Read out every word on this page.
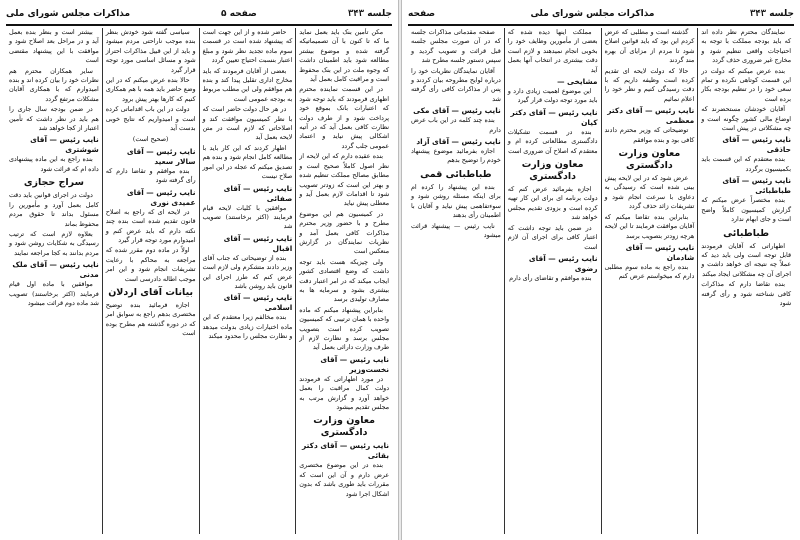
جلسه ۳۴۳
صفحه ۵
مذاکرات مجلس شورای ملی

مکن تأمین بنک باید بعمل نماید ما که تا کنون با آن تصمیماتیکه گرفته شده و موضوع بیشتر مطالعه شود باید اطمینان داشت که وجوه ملت در این بنک محفوظ است و مراقبت کامل بعمل آید

در این قسمت نماینده محترم اظهاری فرمودند که باید توجه شود که اعتبارات بانک بموقع خود پرداخت شود و از طرف دولت نظارت کافی بعمل آید که در آتیه اشکالی پیش نیاید و اعتماد عمومی جلب گردد

بنده عقیده دارم که این لایحه از نظر اصول کاملاً صحیح است و مطابق مصالح مملکت تنظیم شده و بهتر این است که زودتر تصویب شود تا اقدامات لازم بعمل آید و معطلی پیش نیاید

در کمیسیون هم این موضوع مطرح و با حضور وزیر محترم مذاکرات کافی بعمل آمد و نظریات نمایندگان در گزارش منعکس است

ولی چیزیکه هست باید توجه داشت که وضع اقتصادی کشور ایجاب میکند که در امر اعتبار دقت بیشتری بشود و سرمایه ها به مصارف تولیدی برسد

بنابراین پیشنهاد میکنم که ماده واحده با همان ترتیبی که کمیسیون تصویب کرده است بتصویب مجلس برسد و نظارت لازم از طرف وزارت دارائی بعمل آید

نایب رئیس — آقای نخست‌وزیر

در مورد اظهاراتی که فرمودند دولت کمال مراقبت را بعمل خواهد آورد و گزارش مرتب به مجلس تقدیم میشود

معاون وزارت دادگستری
نایب رئیس — آقای دکتر بقائی

بنده در این موضوع مختصری عرض دارم و آن این است که مقررات باید طوری باشد که بدون اشکال اجرا شود

حاضر شده و از این جهت است که پیشنهاد شده است در قسمت سوم ماده تجدید نظر شود و مبلغ اعتبار بنسبت احتیاج تعیین گردد

بعضی از آقایان فرمودند که باید مخارج اداری تقلیل پیدا کند و بنده هم موافقم ولی این مطلب مربوط به بودجه عمومی است

در هر حال دولت حاضر است که با نظر کمیسیون موافقت کند و اصلاحاتی که لازم است در متن لایحه بعمل آید

اظهار کردند که این کار باید با مطالعه کامل انجام شود و بنده هم تصدیق میکنم که عجله در این امور صلاح نیست

نایب رئیس — آقای صفائی

موافقین با کلیات لایحه قیام فرمایند (اکثر برخاستند) تصویب شد

نایب رئیس — آقای اقبال

بنده از توضیحاتی که جناب آقای وزیر دادند متشکرم ولی لازم است عرض کنم که طرز اجرای این قانون باید روشن باشد

نایب رئیس — آقای اسلامی

بنده مخالفم زیرا معتقدم که این ماده اختیارات زیادی بدولت میدهد و نظارت مجلس را محدود میکند

سیاسی گفته شود خودش بنظر بنده موجب ناراحتی مردم میشود و باید از این قبیل مذاکرات احتراز شود و مسائل اساسی مورد توجه قرار گیرد

حالا بنده عرض میکنم که در این وضع حاضر باید همه با هم همکاری کنیم که کارها بهتر پیش برود

دولت در این باب اقداماتی کرده است و امیدواریم که نتایج خوبی بدست آید

(صحیح است)
نایب رئیس — آقای سالار سعید

بنده موافقم و تقاضا دارم که رأی گرفته شود

نایب رئیس — آقای عمیدی نوری

در لایحه ای که راجع به اصلاح قانون تقدیم شده است بنده چند نکته دارم که باید عرض کنم و امیدوارم مورد توجه قرار گیرد

اولاً در ماده دوم مقرر شده که مراجعه به محاکم با رعایت تشریفات انجام شود و این امر موجب اطاله دادرسی است

بیانات آقای اردلان

اجازه فرمائید بنده توضیح مختصری بدهم راجع به سوابق امر که در دوره گذشته هم مطرح بوده است

بیشتر است و بنظر بنده بعمل آید و در مراحل بعد اصلاح شود و موافقت با این پیشنهاد مقتضی است

سایر همکاران محترم هم نظرات خود را بیان کرده اند و بنده امیدوارم که با همکاری آقایان مشکلات مرتفع گردد

در ضمن بودجه سال جاری را هم باید در نظر داشت که تأمین اعتبار از کجا خواهد شد

نایب رئیس — آقای شوشتری

بنده راجع به این ماده پیشنهادی داده ام که قرائت شود

سراج حجازی

دولت در اجرای قوانین باید دقت کامل بعمل آورد و مأمورین را مسئول بداند تا حقوق مردم محفوظ بماند

بعلاوه لازم است که ترتیب رسیدگی به شکایات روشن شود و مردم بدانند به کجا مراجعه نمایند

نایب رئیس — آقای ملک مدنی

موافقین با ماده اول قیام فرمایند (اکثر برخاستند) تصویب شد ماده دوم قرائت میشود

جلسه ۳۴۳
مذاکرات مجلس شورای ملی
صفحه

نمایندگان محترم نظر داده اند که باید بودجه مملکت با توجه به احتیاجات واقعی تنظیم شود و مخارج غیر ضروری حذف گردد

بنده عرض میکنم که دولت در این قسمت کوتاهی نکرده و تمام سعی خود را در تنظیم بودجه بکار برده است

آقایان خودشان مستحضرند که اوضاع مالی کشور چگونه است و چه مشکلاتی در پیش است

نایب رئیس — آقای حاذقی

بنده معتقدم که این قسمت باید بکمیسیون برگردد

نایب رئیس — آقای طباطبائی

بنده مختصراً عرض میکنم که گزارش کمیسیون کاملاً واضح است و جای ابهام ندارد

طباطبائی

اظهاراتی که آقایان فرمودند قابل توجه است ولی باید دید که عملاً چه نتیجه ای خواهد داشت و اجرای آن چه مشکلاتی ایجاد میکند

بنده تقاضا دارم که مذاکرات کافی شناخته شود و رأی گرفته شود

گذشته است و مطلبی که عرض کردم این بود که باید قوانین اصلاح شود تا مردم از مزایای آن بهره مند گردند

حالا که دولت لایحه ای تقدیم کرده است وظیفه داریم که با دقت رسیدگی کنیم و نظر خود را اعلام نمائیم

نایب رئیس — آقای دکتر معظمی

توضیحاتی که وزیر محترم دادند کافی بود و بنده موافقم

معاون وزارت دادگستری

عرض شود که در این لایحه پیش بینی شده است که رسیدگی به دعاوی با سرعت انجام شود و تشریفات زائد حذف گردد

بنابراین بنده تقاضا میکنم که آقایان موافقت فرمایند تا این لایحه هرچه زودتر بتصویب برسد

نایب رئیس — آقای شادمان

بنده راجع به ماده سوم مطلبی دارم که میخواستم عرض کنم

مملکت اینها دیده شده که بعضی از مأمورین وظایف خود را بخوبی انجام نمیدهند و لازم است دقت بیشتری در انتخاب آنها بعمل آید

مشایخی —

این موضوع اهمیت زیادی دارد و باید مورد توجه دولت قرار گیرد

نایب رئیس — آقای دکتر کیان

بنده در قسمت تشکیلات دادگستری مطالعاتی کرده ام و معتقدم که اصلاح آن ضروری است

معاون وزارت دادگستری

اجازه بفرمائید عرض کنم که دولت برنامه ای برای این کار تهیه کرده است و بزودی تقدیم مجلس خواهد شد

در ضمن باید توجه داشت که اعتبار کافی برای اجرای آن لازم است

نایب رئیس — آقای رضوی

بنده موافقم و تقاضای رأی دارم

صفحه مقدماتی مذاکرات جلسه که در آن صورت مجلس جلسه قبل قرائت و تصویب گردید و سپس دستور جلسه مطرح شد

آقایان نمایندگان نظریات خود را درباره لوایح مطروحه بیان کردند و پس از مذاکرات کافی رأی گرفته شد

نایب رئیس — آقای مکی

بنده چند کلمه در این باب عرض دارم

نایب رئیس — آقای آزاد

اجازه بفرمائید موضوع پیشنهاد خودم را توضیح بدهم

طباطبائی قمی

بنده این پیشنهاد را کرده ام برای اینکه مسئله روشن شود و سوءتفاهمی پیش نیاید و آقایان با اطمینان رأی بدهند

نایب رئیس — پیشنهاد قرائت میشود
